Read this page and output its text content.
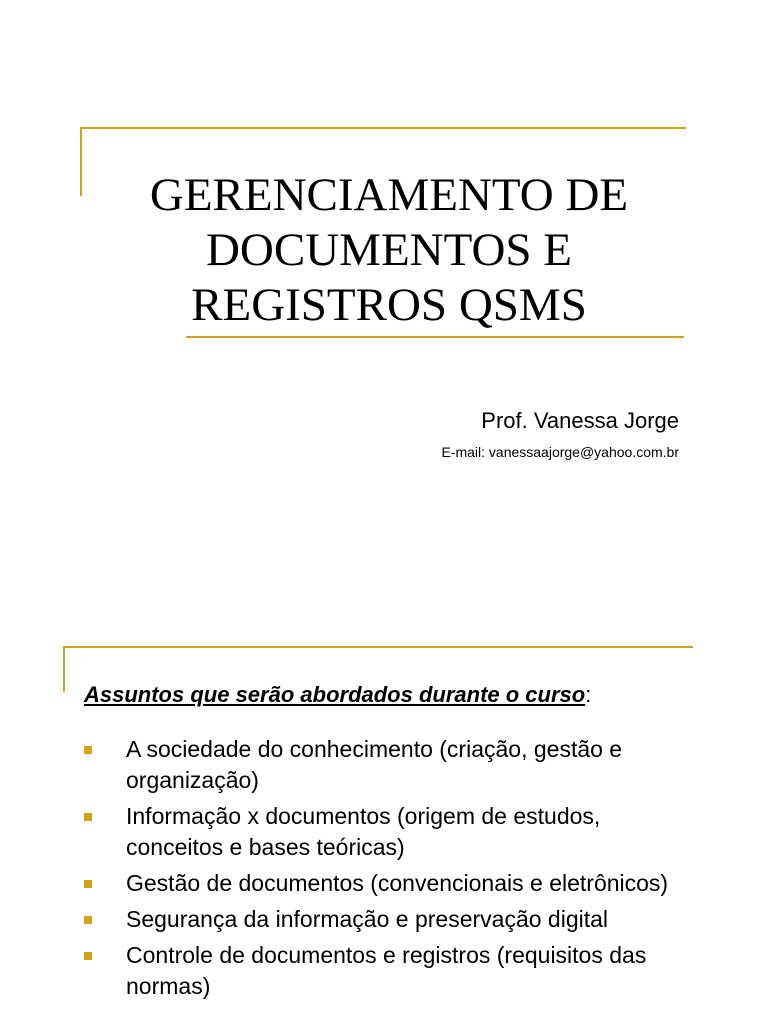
GERENCIAMENTO DE
DOCUMENTOS E
REGISTROS QSMS
Prof. Vanessa Jorge
E-mail: vanessaajorge@yahoo.com.br
Assuntos que serão abordados durante o curso:
A sociedade do conhecimento (criação, gestão e organização)
Informação x documentos (origem de estudos, conceitos e bases teóricas)
Gestão de documentos (convencionais e eletrônicos)
Segurança da informação e preservação digital
Controle de documentos e registros (requisitos das normas)
